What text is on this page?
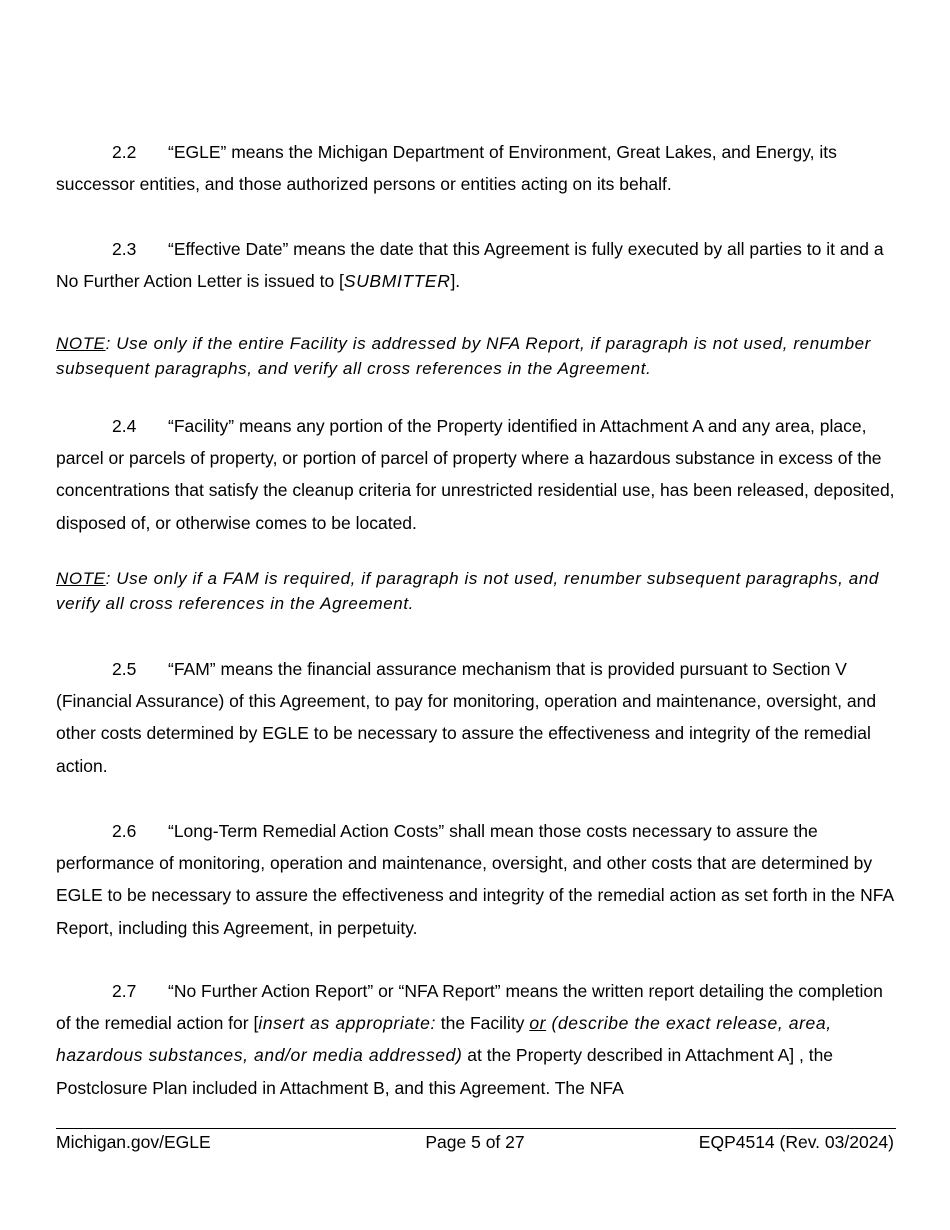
2.2 “EGLE” means the Michigan Department of Environment, Great Lakes, and Energy, its successor entities, and those authorized persons or entities acting on its behalf.
2.3 “Effective Date” means the date that this Agreement is fully executed by all parties to it and a No Further Action Letter is issued to [SUBMITTER].
NOTE: Use only if the entire Facility is addressed by NFA Report, if paragraph is not used, renumber subsequent paragraphs, and verify all cross references in the Agreement.
2.4 “Facility” means any portion of the Property identified in Attachment A and any area, place, parcel or parcels of property, or portion of parcel of property where a hazardous substance in excess of the concentrations that satisfy the cleanup criteria for unrestricted residential use, has been released, deposited, disposed of, or otherwise comes to be located.
NOTE: Use only if a FAM is required, if paragraph is not used, renumber subsequent paragraphs, and verify all cross references in the Agreement.
2.5 “FAM” means the financial assurance mechanism that is provided pursuant to Section V (Financial Assurance) of this Agreement, to pay for monitoring, operation and maintenance, oversight, and other costs determined by EGLE to be necessary to assure the effectiveness and integrity of the remedial action.
2.6 “Long-Term Remedial Action Costs” shall mean those costs necessary to assure the performance of monitoring, operation and maintenance, oversight, and other costs that are determined by EGLE to be necessary to assure the effectiveness and integrity of the remedial action as set forth in the NFA Report, including this Agreement, in perpetuity.
2.7 “No Further Action Report” or “NFA Report” means the written report detailing the completion of the remedial action for [insert as appropriate: the Facility or (describe the exact release, area, hazardous substances, and/or media addressed) at the Property described in Attachment A] , the Postclosure Plan included in Attachment B, and this Agreement. The NFA
Michigan.gov/EGLE	Page 5 of 27	EQP4514 (Rev. 03/2024)
